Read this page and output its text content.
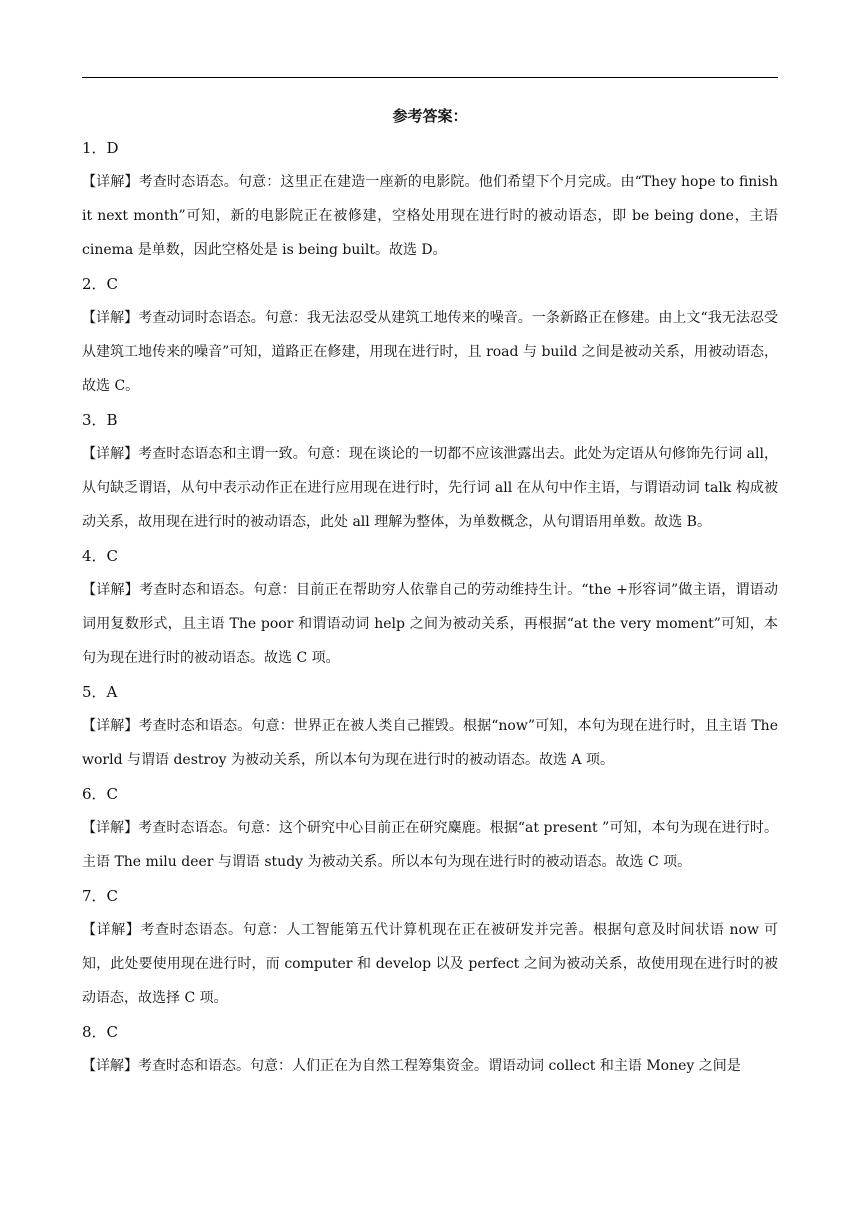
参考答案：
1．D
【详解】考查时态语态。句意：这里正在建造一座新的电影院。他们希望下个月完成。由“They hope to finish it next month”可知，新的电影院正在被修建，空格处用现在进行时的被动语态，即 be being done，主语 cinema 是单数，因此空格处是 is being built。故选 D。
2．C
【详解】考查动词时态语态。句意：我无法忍受从建筑工地传来的噪音。一条新路正在修建。由上文“我无法忍受从建筑工地传来的噪音”可知，道路正在修建，用现在进行时，且 road 与 build 之间是被动关系，用被动语态，故选 C。
3．B
【详解】考查时态语态和主谓一致。句意：现在谈论的一切都不应该泄露出去。此处为定语从句修饰先行词 all，从句缺乏谓语，从句中表示动作正在进行应用现在进行时，先行词 all 在从句中作主语，与谓语动词 talk 构成被动关系，故用现在进行时的被动语态，此处 all 理解为整体，为单数概念，从句谓语用单数。故选 B。
4．C
【详解】考查时态和语态。句意：目前正在帮助穷人依靠自己的劳动维持生计。“the +形容词”做主语，谓语动词用复数形式，且主语 The poor 和谓语动词 help 之间为被动关系，再根据“at the very moment”可知，本句为现在进行时的被动语态。故选 C 项。
5．A
【详解】考查时态和语态。句意：世界正在被人类自己摧毁。根据“now”可知，本句为现在进行时，且主语 The world 与谓语 destroy 为被动关系，所以本句为现在进行时的被动语态。故选 A 项。
6．C
【详解】考查时态语态。句意：这个研究中心目前正在研究麋鹿。根据“at present ”可知，本句为现在进行时。主语 The milu deer 与谓语 study 为被动关系。所以本句为现在进行时的被动语态。故选 C 项。
7．C
【详解】考查时态语态。句意：人工智能第五代计算机现在正在被研发并完善。根据句意及时间状语 now 可知，此处要使用现在进行时，而 computer 和 develop 以及 perfect 之间为被动关系，故使用现在进行时的被动语态，故选择 C 项。
8．C
【详解】考查时态和语态。句意：人们正在为自然工程筹集资金。谓语动词 collect 和主语 Money 之间是
